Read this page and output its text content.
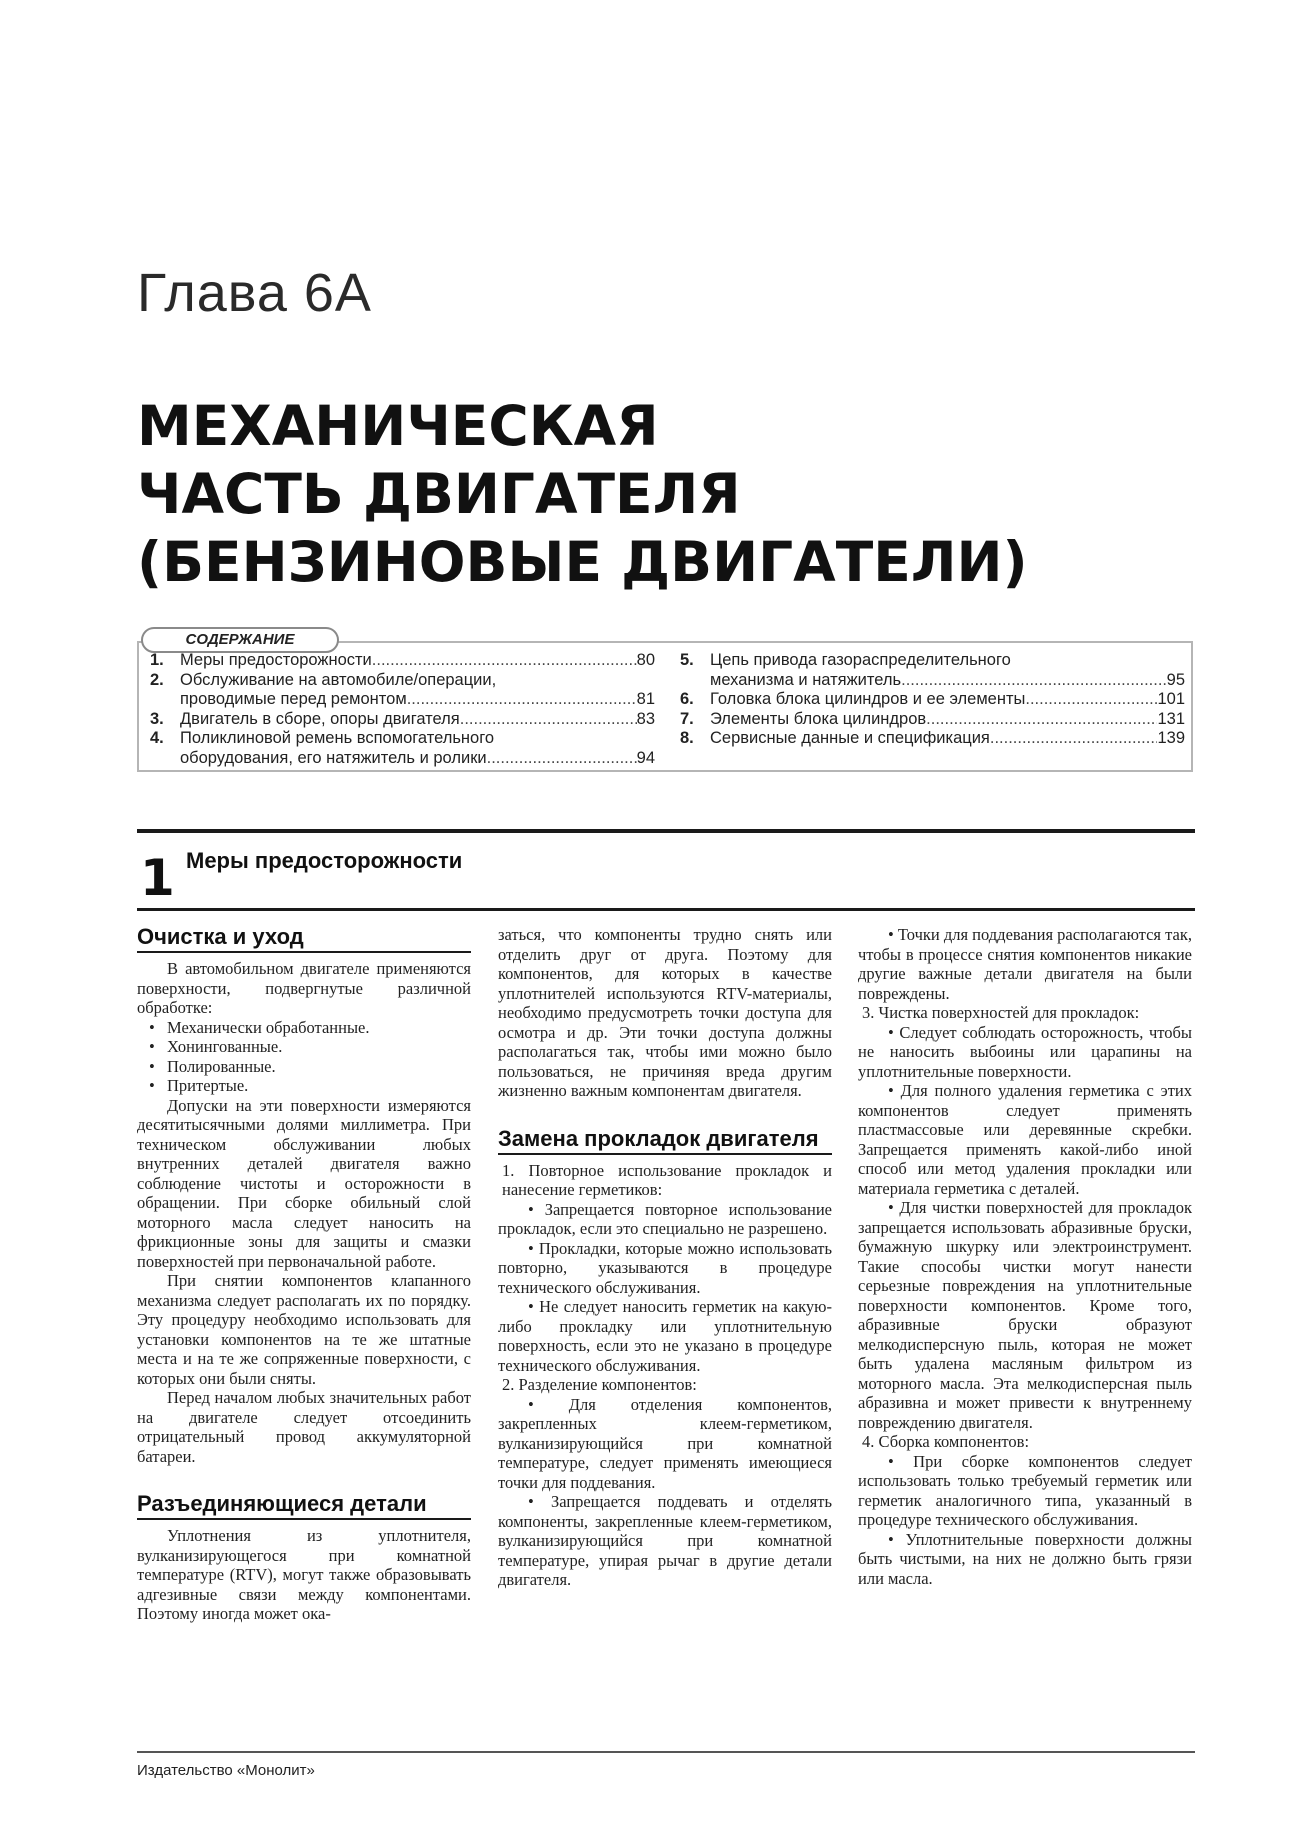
Глава 6А
МЕХАНИЧЕСКАЯ
ЧАСТЬ ДВИГАТЕЛЯ
(БЕНЗИНОВЫЕ ДВИГАТЕЛИ)
СОДЕРЖАНИЕ
1. Меры предосторожности .....	80
2. Обслуживание на автомобиле/операции,
проводимые перед ремонтом .....	81
3. Двигатель в сборе, опоры двигателя .....	83
4. Поликлиновой ремень вспомогательного
оборудования, его натяжитель и ролики .....	94
5. Цепь привода газораспределительного
механизма и натяжитель .....	95
6. Головка блока цилиндров и ее элементы .....	101
7. Элементы блока цилиндров .....	131
8. Сервисные данные и спецификация .....	139
1 Меры предосторожности
Очистка и уход

В автомобильном двигателе применяются поверхности, подвергнутые различной обработке:

• Механически обработанные.

• Хонингованные.

• Полированные.

• Притертые.

Допуски на эти поверхности измеряются десятитысячными долями миллиметра. При техническом обслуживании любых внутренних деталей двигателя важно соблюдение чистоты и осторожности в обращении. При сборке обильный слой моторного масла следует наносить на фрикционные зоны для защиты и смазки поверхностей при первоначальной работе.

При снятии компонентов клапанного механизма следует располагать их по порядку. Эту процедуру необходимо использовать для установки компонентов на те же штатные места и на те же сопряженные поверхности, с которых они были сняты.

Перед началом любых значительных работ на двигателе следует отсоединить отрицательный провод аккумуляторной батареи.

Разъединяющиеся детали

Уплотнения из уплотнителя, вулканизирующегося при комнатной температуре (RTV), могут также образовывать адгезивные связи между компонентами. Поэтому иногда может ока-

заться, что компоненты трудно снять или отделить друг от друга. Поэтому для компонентов, для которых в качестве уплотнителей используются RTV-материалы, необходимо предусмотреть точки доступа для осмотра и др. Эти точки доступа должны располагаться так, чтобы ими можно было пользоваться, не причиняя вреда другим жизненно важным компонентам двигателя.

Замена прокладок двигателя

1. Повторное использование прокладок и нанесение герметиков:

• Запрещается повторное использование прокладок, если это специально не разрешено.

• Прокладки, которые можно использовать повторно, указываются в процедуре технического обслуживания.

• Не следует наносить герметик на какую-либо прокладку или уплотнительную поверхность, если это не указано в процедуре технического обслуживания.

2. Разделение компонентов:

• Для отделения компонентов, закрепленных клеем-герметиком, вулканизирующийся при комнатной температуре, следует применять имеющиеся точки для поддевания.

• Запрещается поддевать и отделять компоненты, закрепленные клеем-герметиком, вулканизирующийся при комнатной температуре, упирая рычаг в другие детали двигателя.

• Точки для поддевания располагаются так, чтобы в процессе снятия компонентов никакие другие важные детали двигателя на были повреждены.

3. Чистка поверхностей для прокладок:

• Следует соблюдать осторожность, чтобы не наносить выбоины или царапины на уплотнительные поверхности.

• Для полного удаления герметика с этих компонентов следует применять пластмассовые или деревянные скребки. Запрещается применять какой-либо иной способ или метод удаления прокладки или материала герметика с деталей.

• Для чистки поверхностей для прокладок запрещается использовать абразивные бруски, бумажную шкурку или электроинструмент. Такие способы чистки могут нанести серьезные повреждения на уплотнительные поверхности компонентов. Кроме того, абразивные бруски образуют мелкодисперсную пыль, которая не может быть удалена масляным фильтром из моторного масла. Эта мелкодисперсная пыль абразивна и может привести к внутреннему повреждению двигателя.

4. Сборка компонентов:

• При сборке компонентов следует использовать только требуемый герметик или герметик аналогичного типа, указанный в процедуре технического обслуживания.

• Уплотнительные поверхности должны быть чистыми, на них не должно быть грязи или масла.

Издательство «Монолит»
